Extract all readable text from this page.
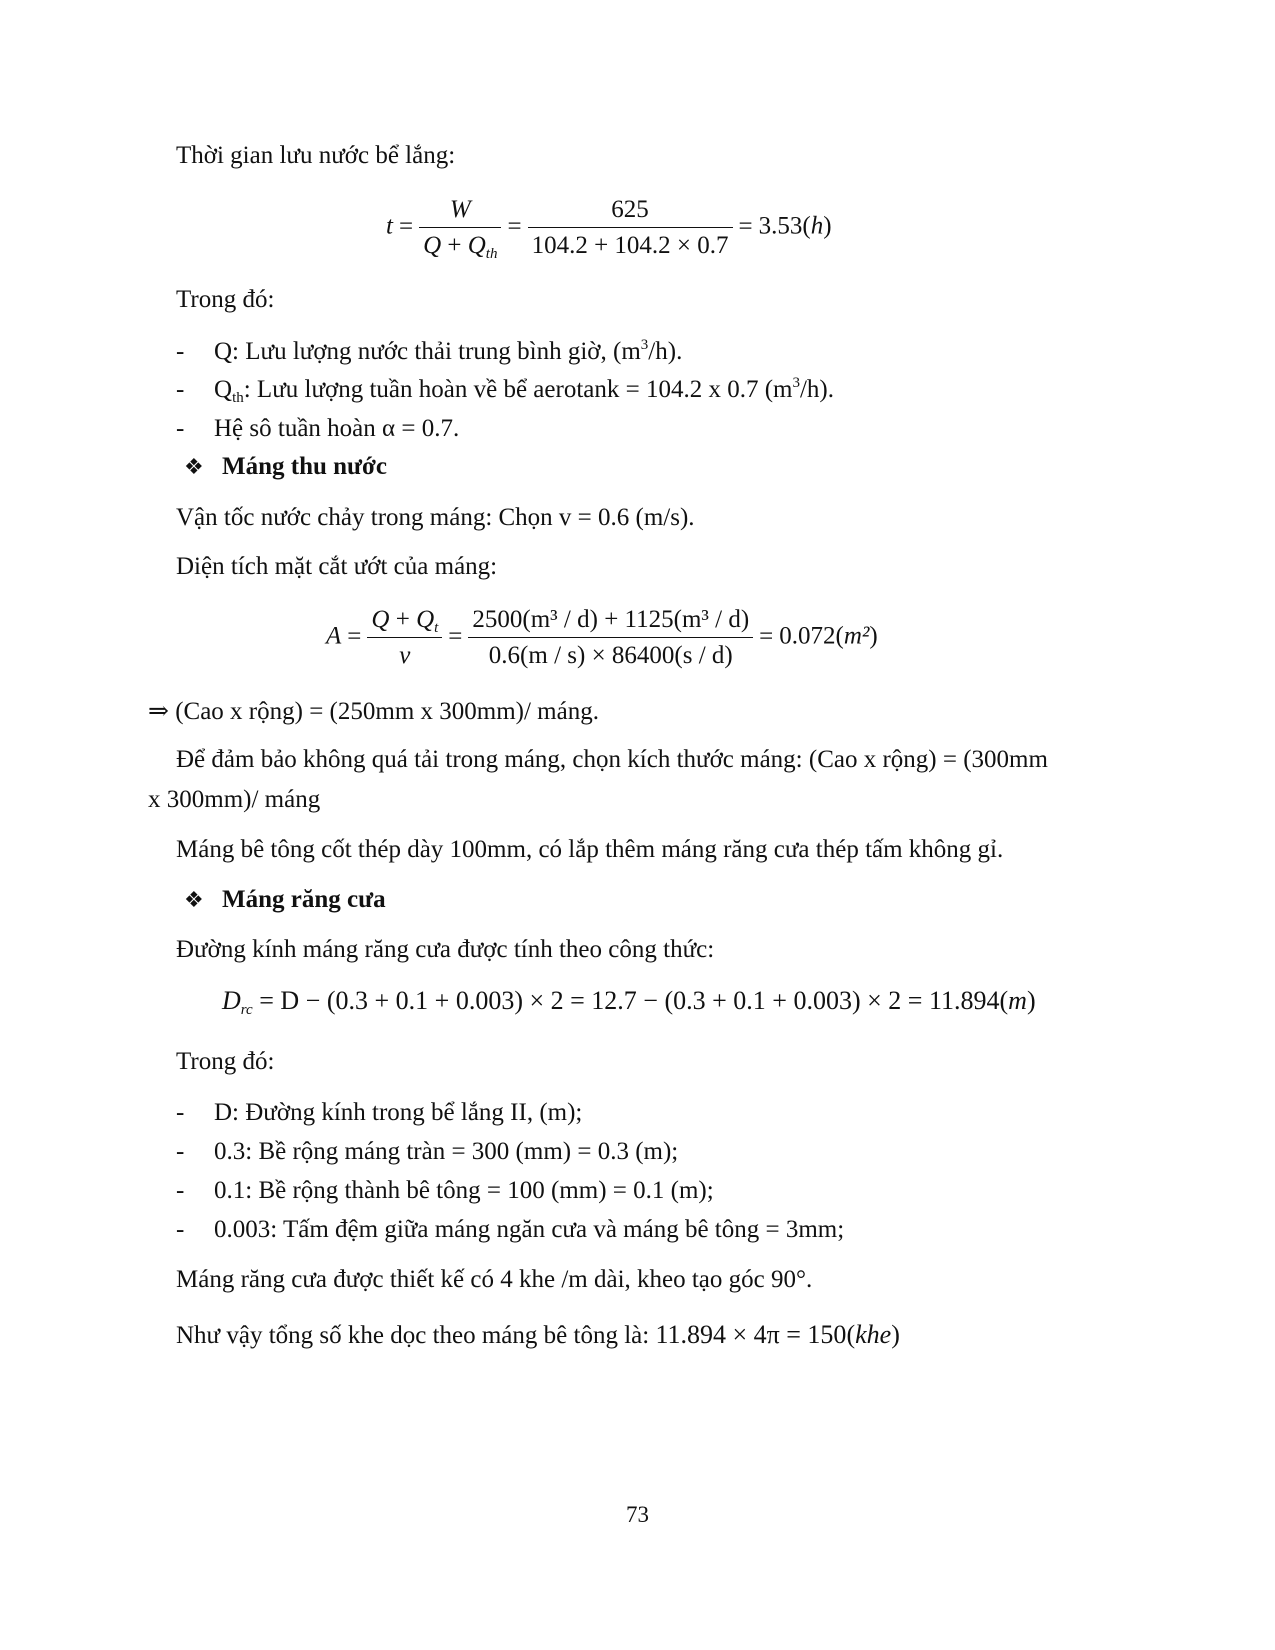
Thời gian lưu nước bể lắng:
$t = \frac{W}{Q + Q_{th}} = \frac{625}{104.2 + 104.2 \times 0.7} = 3.53(h)$
Trong đó:
- Q: Lưu lượng nước thải trung bình giờ, $(m^3/h)$.
- $Q_{th}$: Lưu lượng tuần hoàn về bể aerotank = 104.2 x 0.7 $(m^3/h)$.
- Hệ sô tuần hoàn α = 0.7.
❖ Máng thu nước
Vận tốc nước chảy trong máng: Chọn v = 0.6 (m/s).
Diện tích mặt cắt ướt của máng:
$A = \frac{Q + Q_t}{v} = \frac{\text{2500(m³ / d) + 1125(m³ / d)}}{0.6(m / s) \times 86400(s / d)} = 0.072(m^2)$
⇒ (Cao x rộng) = (250mm x 300mm)/ máng.
Để đảm bảo không quá tải trong máng, chọn kích thước máng: (Cao x rộng) = (300mm
x 300mm)/ máng
Máng bê tông cốt thép dày 100mm, có lắp thêm máng răng cưa thép tấm không gỉ.
❖ Máng răng cưa
Đường kính máng răng cưa được tính theo công thức:
$D_{rc} = D - (0.3 + 0.1 + 0.003) \times 2 = 12.7 - (0.3 + 0.1 + 0.003) \times 2 = 11.894(m)$
Trong đó:
- D: Đường kính trong bể lắng II, (m);
- 0.3: Bề rộng máng tràn = 300 (mm) = 0.3 (m);
- 0.1: Bề rộng thành bê tông = 100 (mm) = 0.1 (m);
- 0.003: Tấm đệm giữa máng ngăn cưa và máng bê tông = 3mm;
Máng răng cưa được thiết kế có 4 khe /m dài, kheo tạo góc 90°.
Như vậy tổng số khe dọc theo máng bê tông là: 11.894 × 4π = 150(khe)
73
